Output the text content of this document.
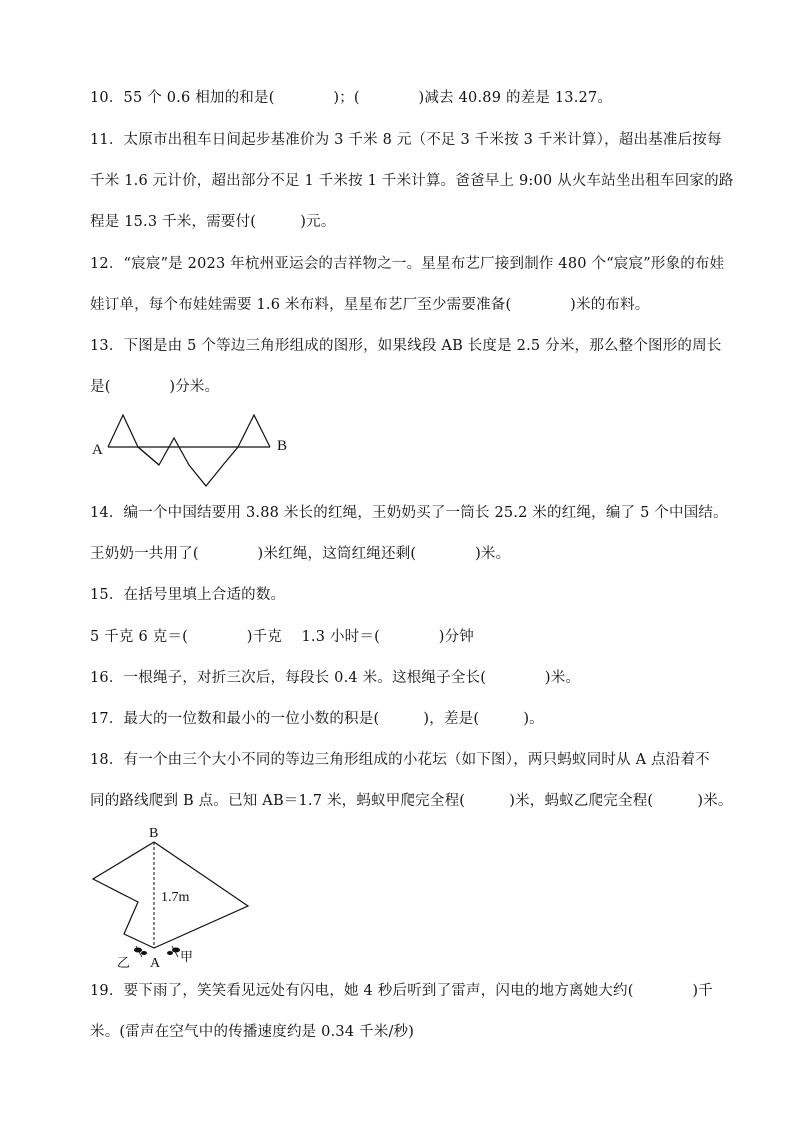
10．55 个 0.6 相加的和是(　　　　)；(　　　　)减去 40.89 的差是 13.27。
11．太原市出租车日间起步基准价为 3 千米 8 元（不足 3 千米按 3 千米计算），超出基准后按每
千米 1.6 元计价，超出部分不足 1 千米按 1 千米计算。爸爸早上 9:00 从火车站坐出租车回家的路
程是 15.3 千米，需要付(　　　)元。
12．“宸宸”是 2023 年杭州亚运会的吉祥物之一。星星布艺厂接到制作 480 个“宸宸”形象的布娃
娃订单，每个布娃娃需要 1.6 米布料，星星布艺厂至少需要准备(　　　　)米的布料。
13．下图是由 5 个等边三角形组成的图形，如果线段 AB 长度是 2.5 分米，那么整个图形的周长
是(　　　　)分米。
A	B
14．编一个中国结要用 3.88 米长的红绳，王奶奶买了一筒长 25.2 米的红绳，编了 5 个中国结。
王奶奶一共用了(　　　　)米红绳，这筒红绳还剩(　　　　)米。
15．在括号里填上合适的数。
5 千克 6 克＝(　　　　)千克　 1.3 小时＝(　　　　)分钟
16．一根绳子，对折三次后，每段长 0.4 米。这根绳子全长(　　　　)米。
17．最大的一位数和最小的一位小数的积是(　　　)，差是(　　　)。
18．有一个由三个大小不同的等边三角形组成的小花坛（如下图），两只蚂蚁同时从 A 点沿着不
同的路线爬到 B 点。已知 AB＝1.7 米，蚂蚁甲爬完全程(　　　)米，蚂蚁乙爬完全程(　　　)米。
B
1.7m
乙 A 甲
19．要下雨了，笑笑看见远处有闪电，她 4 秒后听到了雷声，闪电的地方离她大约(　　　　)千
米。(雷声在空气中的传播速度约是 0.34 千米/秒)
